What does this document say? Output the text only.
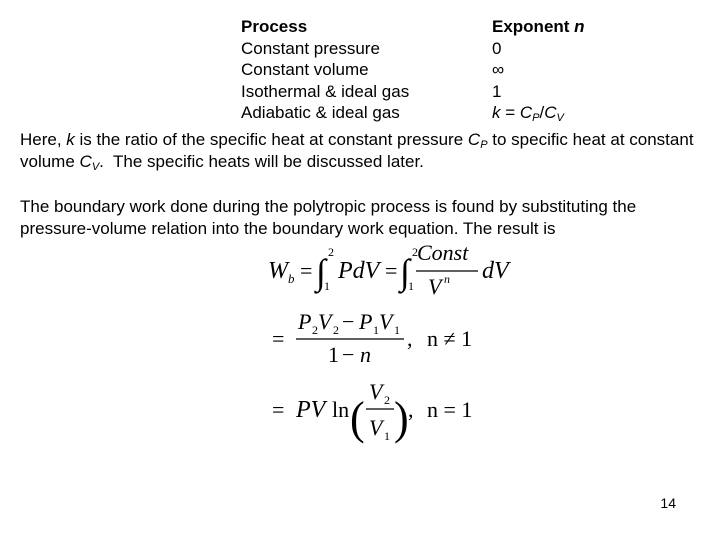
Process	Exponent n
Constant pressure	0
Constant volume	∞
Isothermal & ideal gas	1
Adiabatic & ideal gas	$k = C_P/C_V$
Here, k is the ratio of the specific heat at constant pressure $C_P$ to specific heat at constant volume $C_V$.  The specific heats will be discussed later.
The boundary work done during the polytropic process is found by substituting the pressure-volume relation into the boundary work equation. The result is
W b = ∫ 2
1
PdV = ∫ 2
1
Const
V n dV
=
P 2 V 2 − P 1 V 1
1 − n
, n ≠ 1
= PV ln (
V 2
V 1 ) , n = 1
14
